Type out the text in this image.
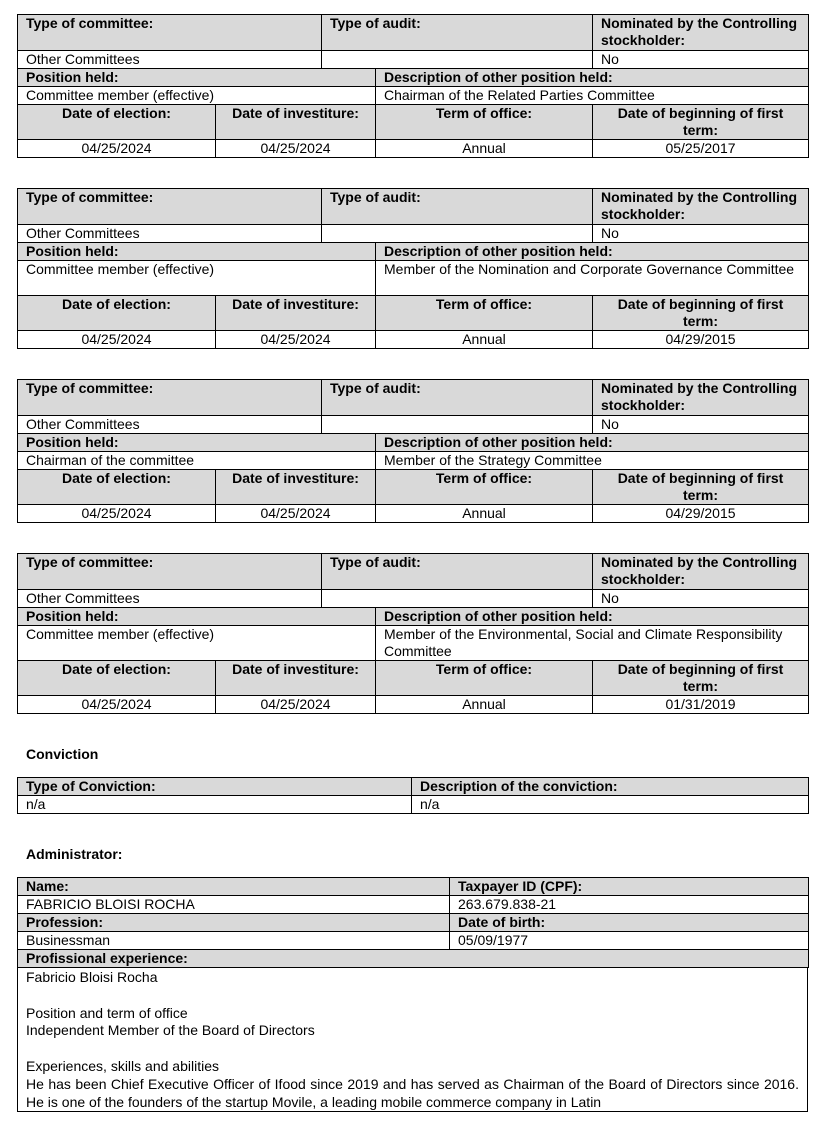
Type of committee:		Type of audit:		Nominated by the Controlling stockholder:
Other Committees				No
Position held:			Description of other position held:	
Committee member (effective)			Chairman of the Related Parties Committee	
Date of election:	Date of investiture:		Term of office:	Date of beginning of first term:
04/25/2024	04/25/2024		Annual	05/25/2017
Type of committee:		Type of audit:		Nominated by the Controlling stockholder:
Other Committees				No
Position held:			Description of other position held:	
Committee member (effective)			Member of the Nomination and Corporate Governance Committee	
Date of election:	Date of investiture:		Term of office:	Date of beginning of first term:
04/25/2024	04/25/2024		Annual	04/29/2015
Type of committee:		Type of audit:		Nominated by the Controlling stockholder:
Other Committees				No
Position held:			Description of other position held:	
Chairman of the committee			Member of the Strategy Committee	
Date of election:	Date of investiture:		Term of office:	Date of beginning of first term:
04/25/2024	04/25/2024		Annual	04/29/2015
Type of committee:		Type of audit:		Nominated by the Controlling stockholder:
Other Committees				No
Position held:			Description of other position held:	
Committee member (effective)			Member of the Environmental, Social and Climate Responsibility Committee	
Date of election:	Date of investiture:		Term of office:	Date of beginning of first term:
04/25/2024	04/25/2024		Annual	01/31/2019
Conviction
Type of Conviction:	Description of the conviction:
n/a	n/a
Administrator:
Name:	Taxpayer ID (CPF):
FABRICIO BLOISI ROCHA	263.679.838-21
Profession:	Date of birth:
Businessman	05/09/1977
Profissional experience:	

Fabricio Bloisi Rocha

Position and term of office

Independent Member of the Board of Directors

Experiences, skills and abilities

He has been Chief Executive Officer of Ifood since 2019 and has served as Chairman of the Board of Directors since 2016. He is one of the founders of the startup Movile, a leading mobile commerce company in Latin
